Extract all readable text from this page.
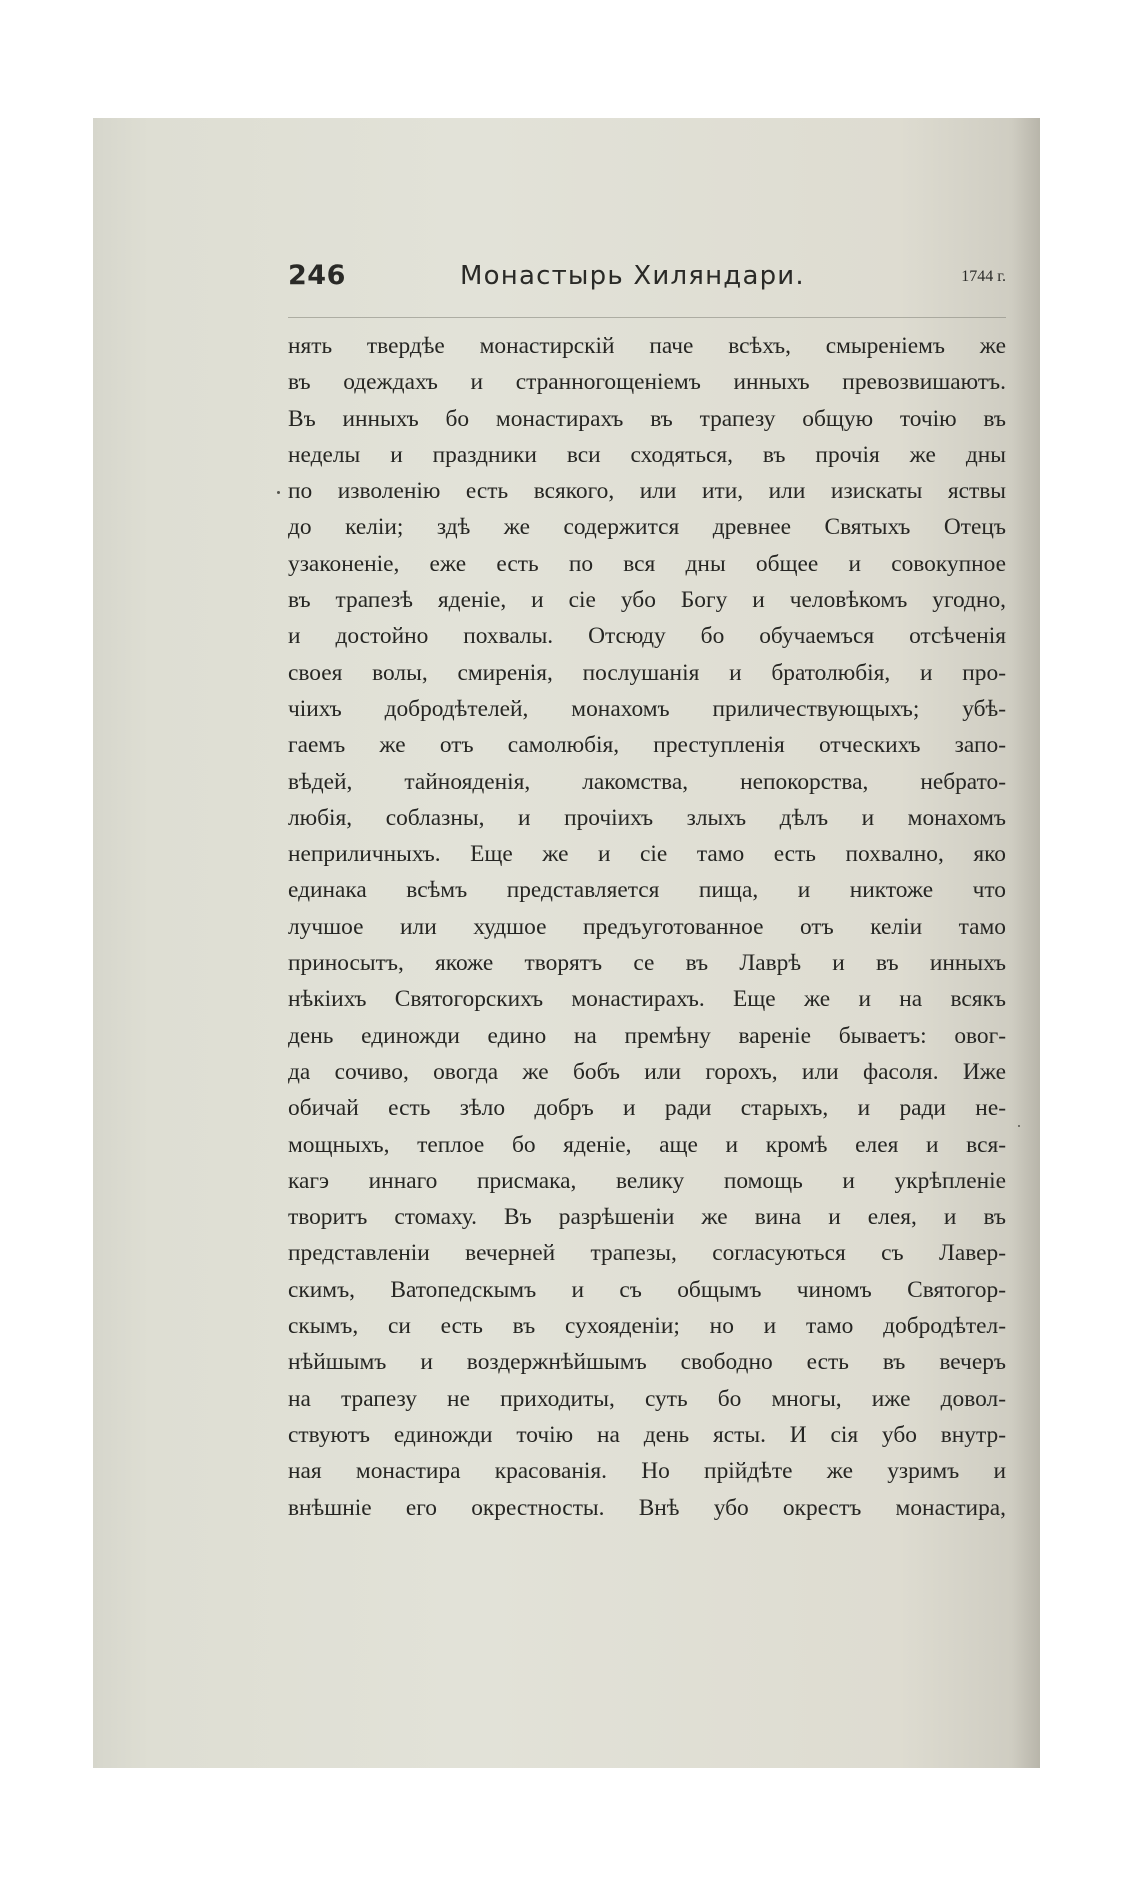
246	Монастырь Хиляндари.	1744 г.
нять твердѣе монастирскій паче всѣхъ, смыреніемъ же
въ одеждахъ и странногощеніемъ инныхъ превозвишаютъ.
Въ инныхъ бо монастирахъ въ трапезу общую точію въ
неделы и праздники вси сходяться, въ прочія же дны
по изволенію есть всякого, или ити, или изискаты яствы
до келіи; здѣ же содержится древнее Святыхъ Отецъ
узаконеніе, еже есть по вся дны общее и совокупное
въ трапезѣ яденіе, и сіе убо Богу и человѣкомъ угодно,
и достойно похвалы. Отсюду бо обучаемъся отсѣченія
своея волы, смиренія, послушанія и братолюбія, и про-
чіихъ добродѣтелей, монахомъ приличествующыхъ; убѣ-
гаемъ же отъ самолюбія, преступленія отческихъ запо-
вѣдей, тайнояденія, лакомства, непокорства, небрато-
любія, соблазны, и прочіихъ злыхъ дѣлъ и монахомъ
неприличныхъ. Еще же и сіе тамо есть похвално, яко
единака всѣмъ представляется пища, и никтоже что
лучшое или худшое предъуготованное отъ келіи тамо
приносытъ, якоже творятъ се въ Лаврѣ и въ инныхъ
нѣкіихъ Святогорскихъ монастирахъ. Еще же и на всякъ
день единожди едино на премѣну вареніе бываетъ: овог-
да сочиво, овогда же бобъ или горохъ, или фасоля. Иже
обичай есть зѣло добръ и ради старыхъ, и ради не-
мощныхъ, теплое бо яденіе, аще и кромѣ елея и вся-
кагэ иннаго присмака, велику помощь и укрѣпленіе
творитъ стомаху. Въ разрѣшеніи же вина и елея, и въ
представленіи вечерней трапезы, согласуються съ Лавер-
скимъ, Ватопедскымъ и съ общымъ чиномъ Святогор-
скымъ, си есть въ сухояденіи; но и тамо добродѣтел-
нѣйшымъ и воздержнѣйшымъ свободно есть въ вечеръ
на трапезу не приходиты, суть бо многы, иже довол-
ствуютъ единожди точію на день ясты. И сія убо внутр-
ная монастира красованія. Но прійдѣте же узримъ и
внѣшніе его окрестносты. Внѣ убо окрестъ монастира,
